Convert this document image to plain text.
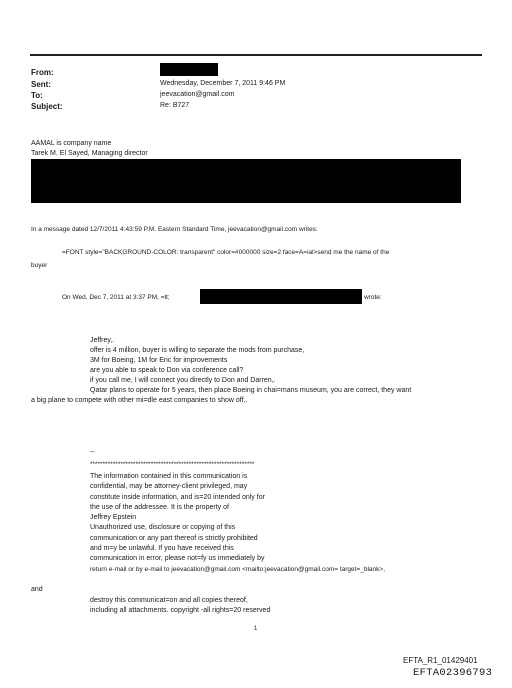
From:
Sent:
To:
Subject:
Wednesday, December 7, 2011 9:46 PM
jeevacation@gmail.com
Re: B727
AAMAL is company name
Tarek M. El Sayed, Managing director
In a message dated 12/7/2011 4:43:59 P.M. Eastern Standard Time, jeevacation@gmail.com writes:
=FONT style="BACKGROUND-COLOR: transparent" color=#000000 size=2 face=A=ial>send me the name of the
buyer
On Wed, Dec 7, 2011 at 3:37 PM, =lt;	wrote:
Jeffrey,.
offer is 4 million, buyer is willing to separate the mods from purchase,
3M for Boeing, 1M for Eric for improvements
are you able to speak to Don via conference call?
if you call me, I will connect you directly to Don and Darren,.
Qatar plans to operate for 5 years, then place Boeing in chai=mans museum, you are correct, they want
a big plane to compete with other mi=dle east companies to show off,.
--
*****************************************************************
The information contained in this communication is
confidential, may be attorney-client privileged, may
constitute inside information, and is=20 intended only for
the use of the addressee. It is the property of
Jeffrey Epstein
Unauthorized use, disclosure or copying of this
communication or any part thereof is strictly prohibited
and m=y be unlawful. If you have received this
communication in error, please not=fy us immediately by
return e-mail or by e-mail to jeevacation@gmail.com <mailto:jeevacation@gmail.com= target=_blank>,
and
destroy this communicat=on and all copies thereof,
including all attachments. copyright -all rights=20 reserved
1
EFTA_R1_01429401
EFTA02396793
